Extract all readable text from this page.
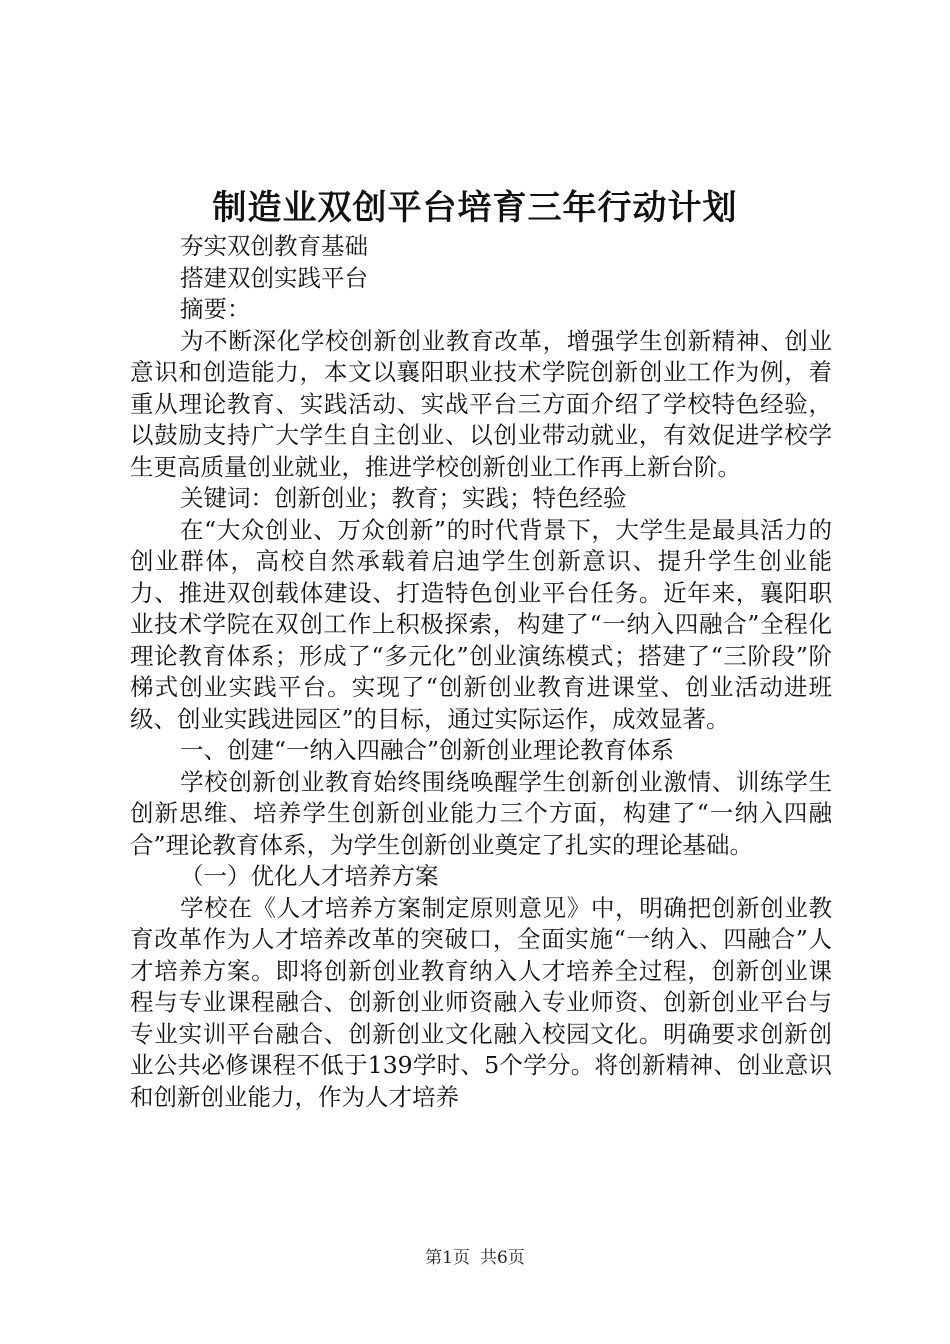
制造业双创平台培育三年行动计划

夯实双创教育基础

搭建双创实践平台

摘要：

为不断深化学校创新创业教育改革，增强学生创新精神、创业意识和创造能力，本文以襄阳职业技术学院创新创业工作为例，着重从理论教育、实践活动、实战平台三方面介绍了学校特色经验，以鼓励支持广大学生自主创业、以创业带动就业，有效促进学校学生更高质量创业就业，推进学校创新创业工作再上新台阶。

关键词：创新创业；教育；实践；特色经验

在“大众创业、万众创新”的时代背景下，大学生是最具活力的创业群体，高校自然承载着启迪学生创新意识、提升学生创业能力、推进双创载体建设、打造特色创业平台任务。近年来，襄阳职业技术学院在双创工作上积极探索，构建了“一纳入四融合”全程化理论教育体系；形成了“多元化”创业演练模式；搭建了“三阶段”阶梯式创业实践平台。实现了“创新创业教育进课堂、创业活动进班级、创业实践进园区”的目标，通过实际运作，成效显著。

一、创建“一纳入四融合”创新创业理论教育体系

学校创新创业教育始终围绕唤醒学生创新创业激情、训练学生创新思维、培养学生创新创业能力三个方面，构建了“一纳入四融合”理论教育体系，为学生创新创业奠定了扎实的理论基础。

（一）优化人才培养方案

学校在《人才培养方案制定原则意见》中，明确把创新创业教育改革作为人才培养改革的突破口，全面实施“一纳入、四融合”人才培养方案。即将创新创业教育纳入人才培养全过程，创新创业课程与专业课程融合、创新创业师资融入专业师资、创新创业平台与专业实训平台融合、创新创业文化融入校园文化。明确要求创新创业公共必修课程不低于139学时、5个学分。将创新精神、创业意识和创新创业能力，作为人才培养

第1页 共6页
